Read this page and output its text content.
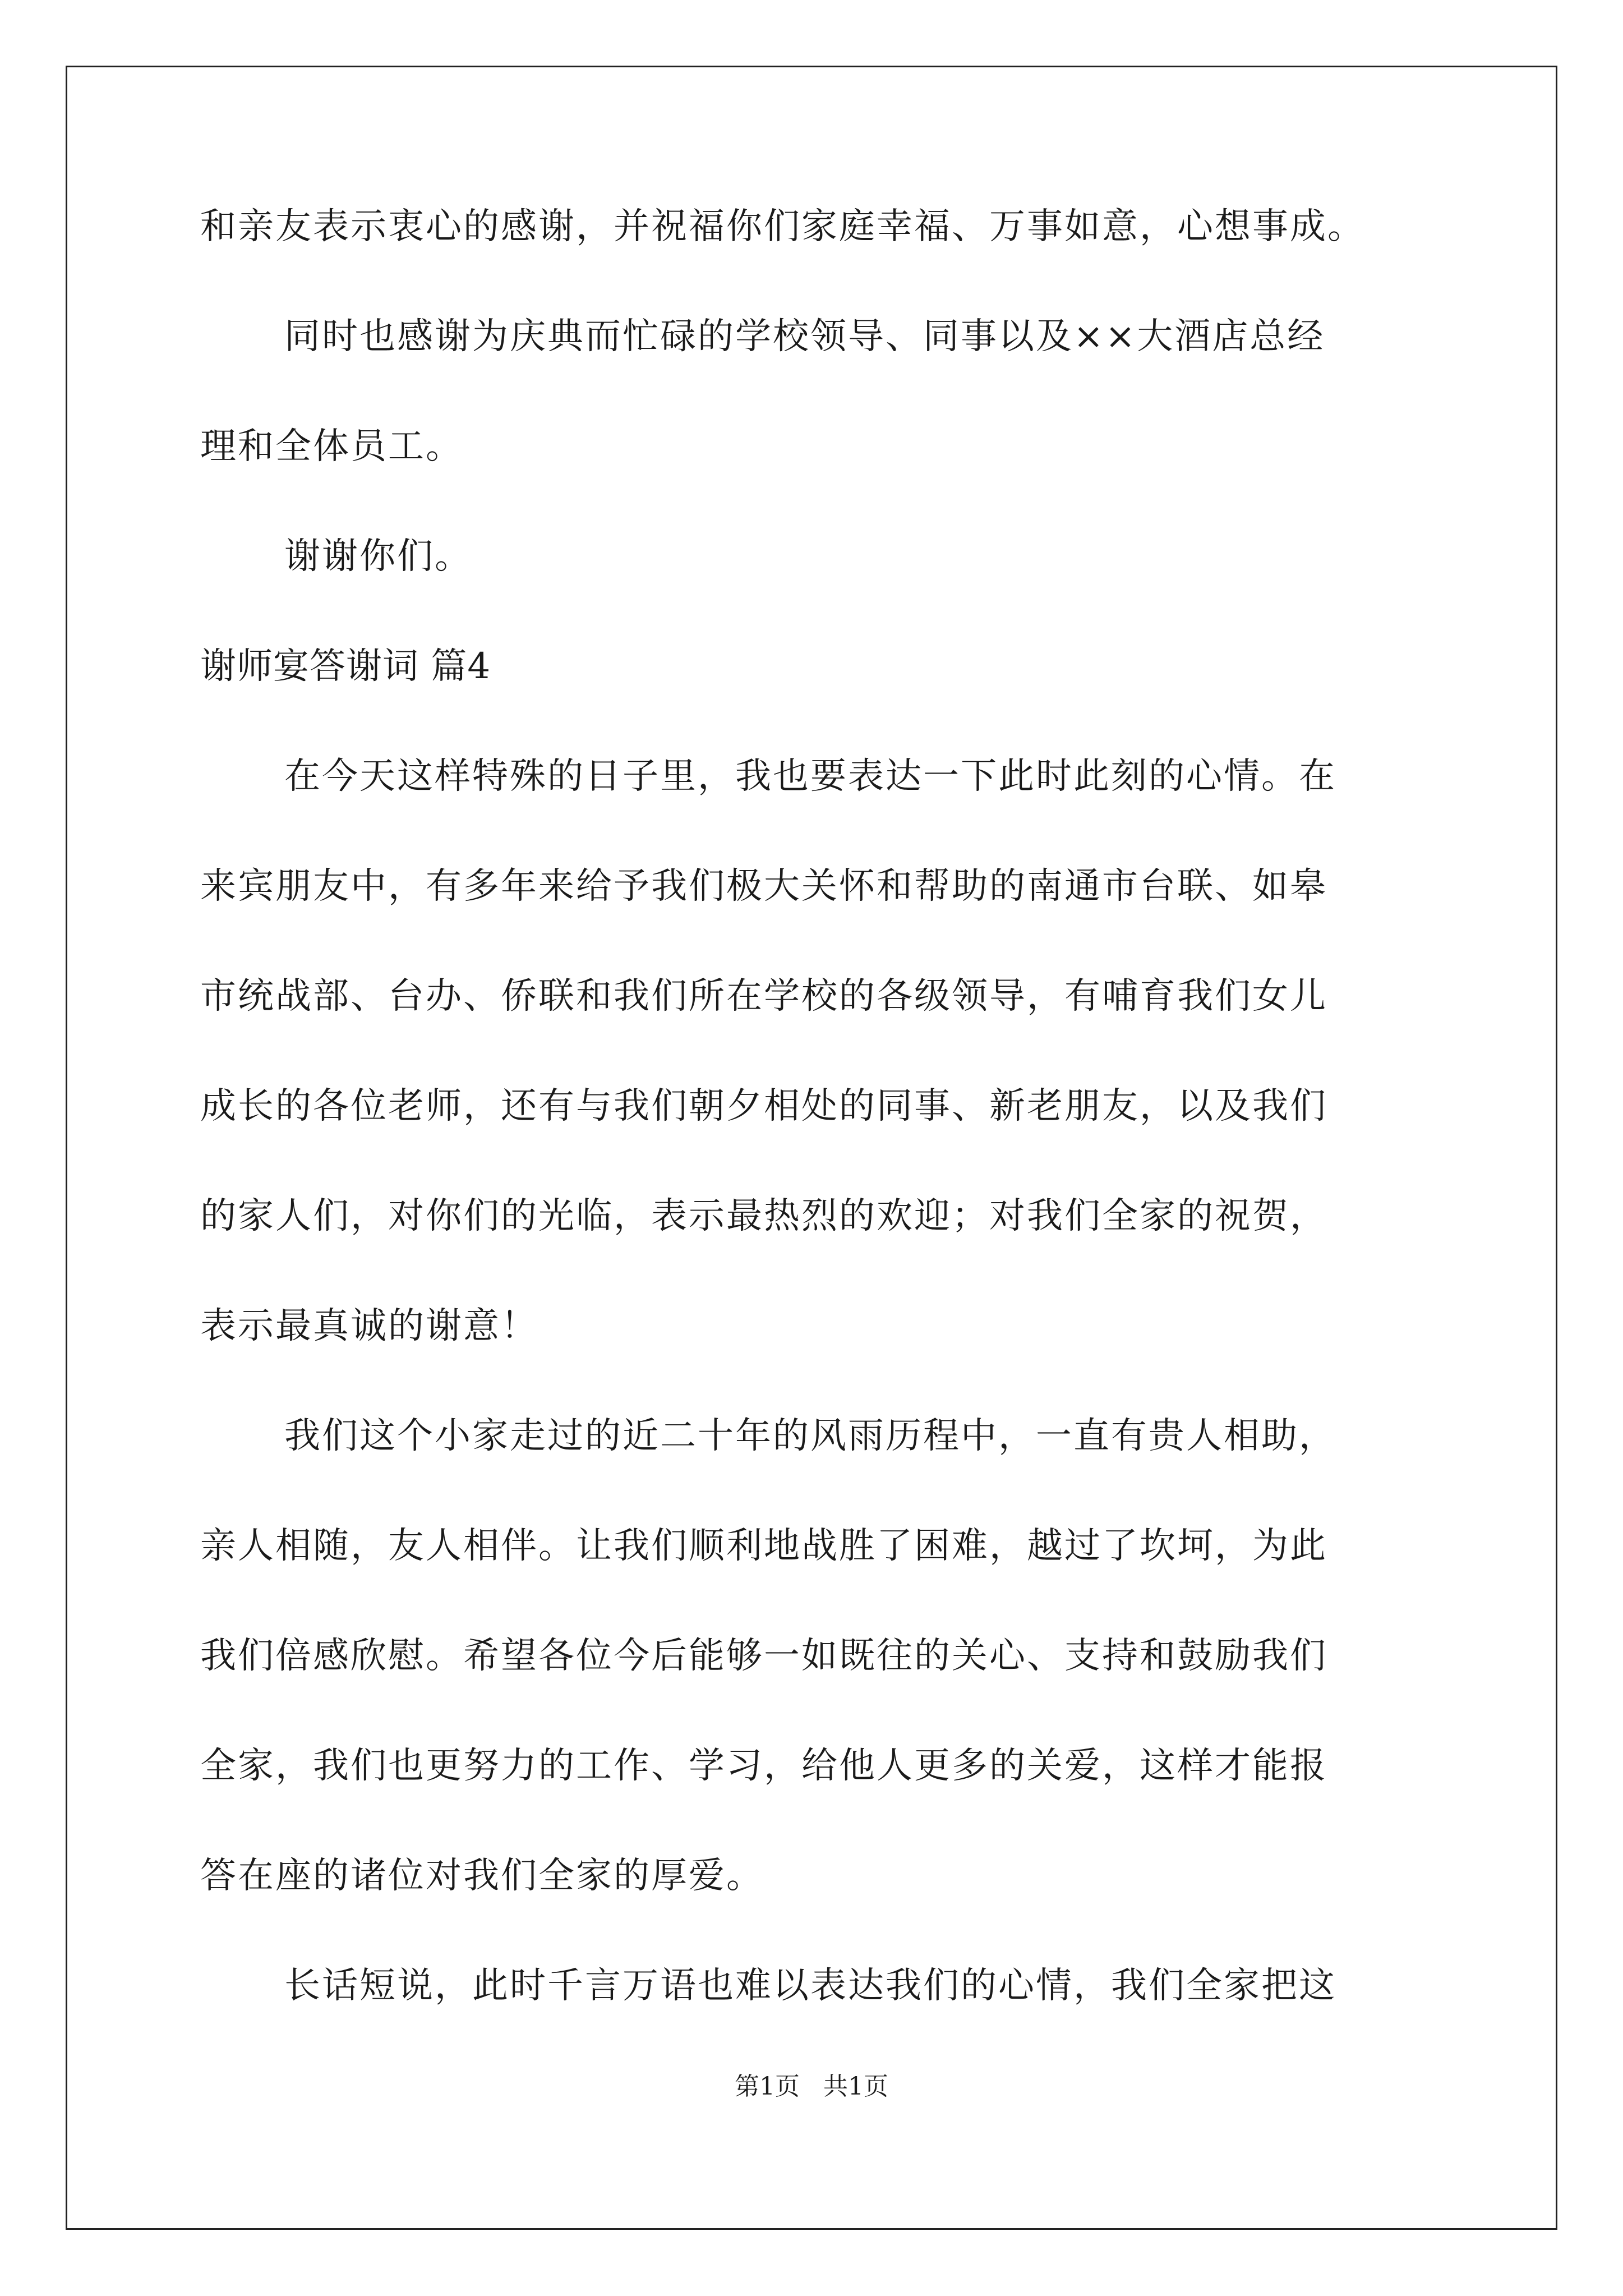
和亲友表示衷心的感谢，并祝福你们家庭幸福、万事如意，心想事成。
同时也感谢为庆典而忙碌的学校领导、同事以及××大酒店总经
理和全体员工。
谢谢你们。
谢师宴答谢词 篇4
在今天这样特殊的日子里，我也要表达一下此时此刻的心情。在
来宾朋友中，有多年来给予我们极大关怀和帮助的南通市台联、如皋
市统战部、台办、侨联和我们所在学校的各级领导，有哺育我们女儿
成长的各位老师，还有与我们朝夕相处的同事、新老朋友，以及我们
的家人们，对你们的光临，表示最热烈的欢迎；对我们全家的祝贺，
表示最真诚的谢意！
我们这个小家走过的近二十年的风雨历程中，一直有贵人相助，
亲人相随，友人相伴。让我们顺利地战胜了困难，越过了坎坷，为此
我们倍感欣慰。希望各位今后能够一如既往的关心、支持和鼓励我们
全家，我们也更努力的工作、学习，给他人更多的关爱，这样才能报
答在座的诸位对我们全家的厚爱。
长话短说，此时千言万语也难以表达我们的心情，我们全家把这
第1页   共1页
